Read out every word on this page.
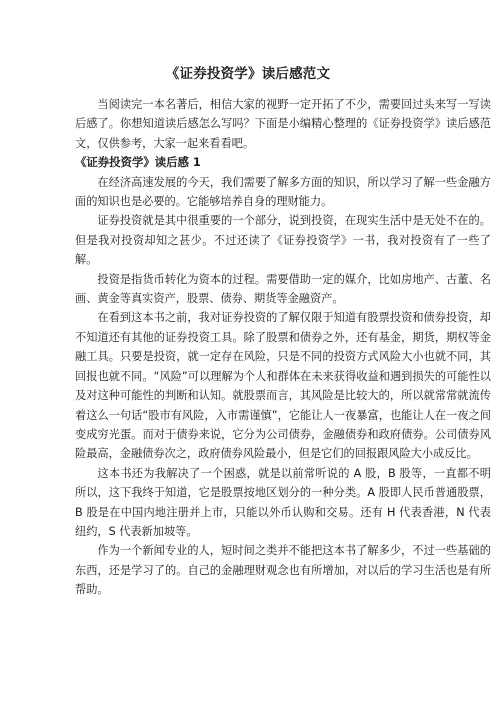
《证券投资学》读后感范文

当阅读完一本名著后，相信大家的视野一定开拓了不少，需要回过头来写一写读后感了。你想知道读后感怎么写吗？下面是小编精心整理的《证券投资学》读后感范文，仅供参考，大家一起来看看吧。

《证券投资学》读后感 1

在经济高速发展的今天，我们需要了解多方面的知识，所以学习了解一些金融方面的知识也是必要的。它能够培养自身的理财能力。

证券投资就是其中很重要的一个部分，说到投资，在现实生活中是无处不在的。但是我对投资却知之甚少。不过还读了《证券投资学》一书，我对投资有了一些了解。

投资是指货币转化为资本的过程。需要借助一定的媒介，比如房地产、古董、名画、黄金等真实资产，股票、债券、期货等金融资产。

在看到这本书之前，我对证券投资的了解仅限于知道有股票投资和债券投资，却不知道还有其他的证券投资工具。除了股票和债券之外，还有基金，期货，期权等金融工具。只要是投资，就一定存在风险，只是不同的投资方式风险大小也就不同，其回报也就不同。“风险”可以理解为个人和群体在未来获得收益和遇到损失的可能性以及对这种可能性的判断和认知。就股票而言，其风险是比较大的，所以就常常就流传着这么一句话“股市有风险，入市需谨慎”，它能让人一夜暴富，也能让人在一夜之间变成穷光蛋。而对于债券来说，它分为公司债券，金融债券和政府债券。公司债券风险最高，金融债券次之，政府债券风险最小，但是它们的回报跟风险大小成反比。

这本书还为我解决了一个困惑，就是以前常听说的 A 股，B 股等，一直都不明所以，这下我终于知道，它是股票按地区划分的一种分类。A 股即人民币普通股票，B 股是在中国内地注册并上市，只能以外币认购和交易。还有 H 代表香港，N 代表纽约，S 代表新加坡等。

作为一个新闻专业的人，短时间之类并不能把这本书了解多少，不过一些基础的东西，还是学习了的。自己的金融理财观念也有所增加，对以后的学习生活也是有所帮助。
